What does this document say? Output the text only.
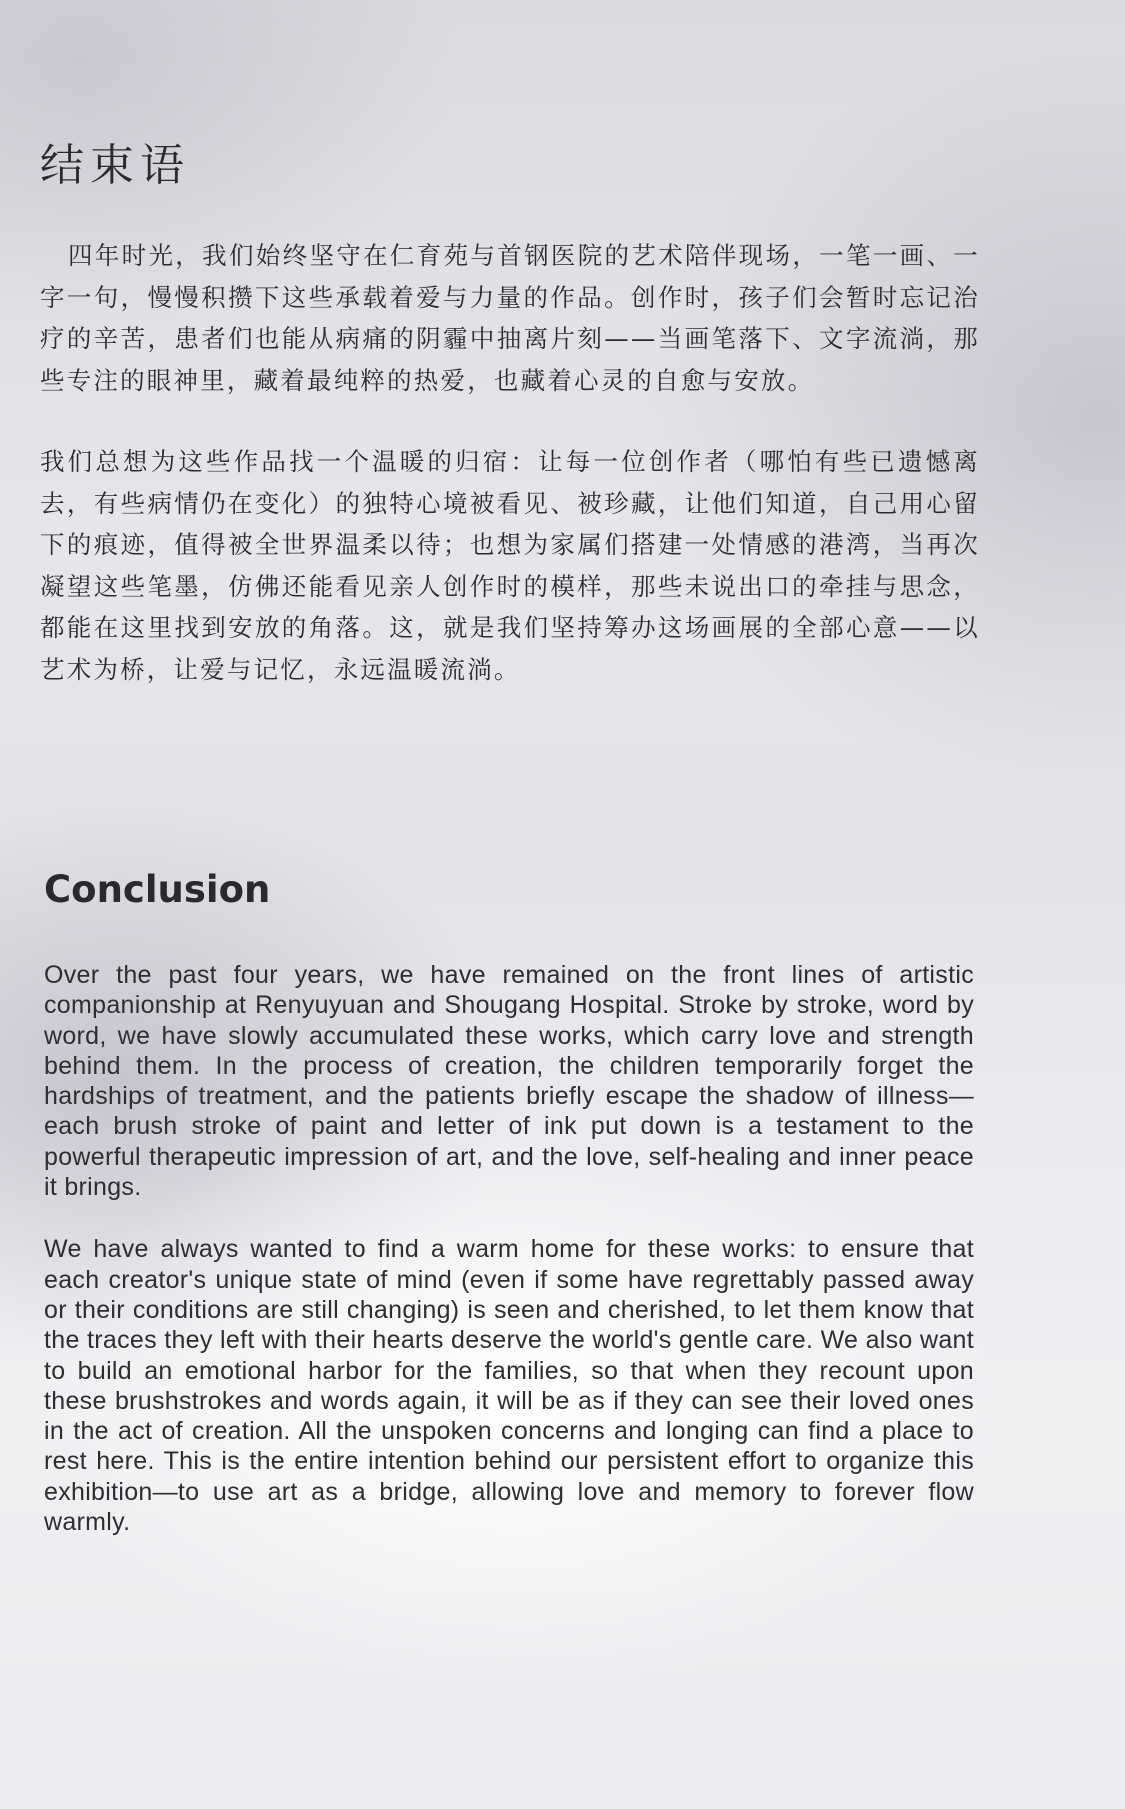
结束语

四年时光，我们始终坚守在仁育苑与首钢医院的艺术陪伴现场，一笔一画、一字一句，慢慢积攒下这些承载着爱与力量的作品。创作时，孩子们会暂时忘记治疗的辛苦，患者们也能从病痛的阴霾中抽离片刻——当画笔落下、文字流淌，那些专注的眼神里，藏着最纯粹的热爱，也藏着心灵的自愈与安放。

我们总想为这些作品找一个温暖的归宿：让每一位创作者（哪怕有些已遗憾离去，有些病情仍在变化）的独特心境被看见、被珍藏，让他们知道，自己用心留下的痕迹，值得被全世界温柔以待；也想为家属们搭建一处情感的港湾，当再次凝望这些笔墨，仿佛还能看见亲人创作时的模样，那些未说出口的牵挂与思念，都能在这里找到安放的角落。这，就是我们坚持筹办这场画展的全部心意——以艺术为桥，让爱与记忆，永远温暖流淌。

Conclusion

Over the past four years, we have remained on the front lines of artistic companionship at Renyuyuan and Shougang Hospital. Stroke by stroke, word by word, we have slowly accumulated these works, which carry love and strength behind them. In the process of creation, the children temporarily forget the hardships of treatment, and the patients briefly escape the shadow of illness—each brush stroke of paint and letter of ink put down is a testament to the powerful therapeutic impression of art, and the love, self-healing and inner peace it brings.

We have always wanted to find a warm home for these works: to ensure that each creator's unique state of mind (even if some have regrettably passed away or their conditions are still changing) is seen and cherished, to let them know that the traces they left with their hearts deserve the world's gentle care. We also want to build an emotional harbor for the families, so that when they recount upon these brushstrokes and words again, it will be as if they can see their loved ones in the act of creation. All the unspoken concerns and longing can find a place to rest here. This is the entire intention behind our persistent effort to organize this exhibition—to use art as a bridge, allowing love and memory to forever flow warmly.
